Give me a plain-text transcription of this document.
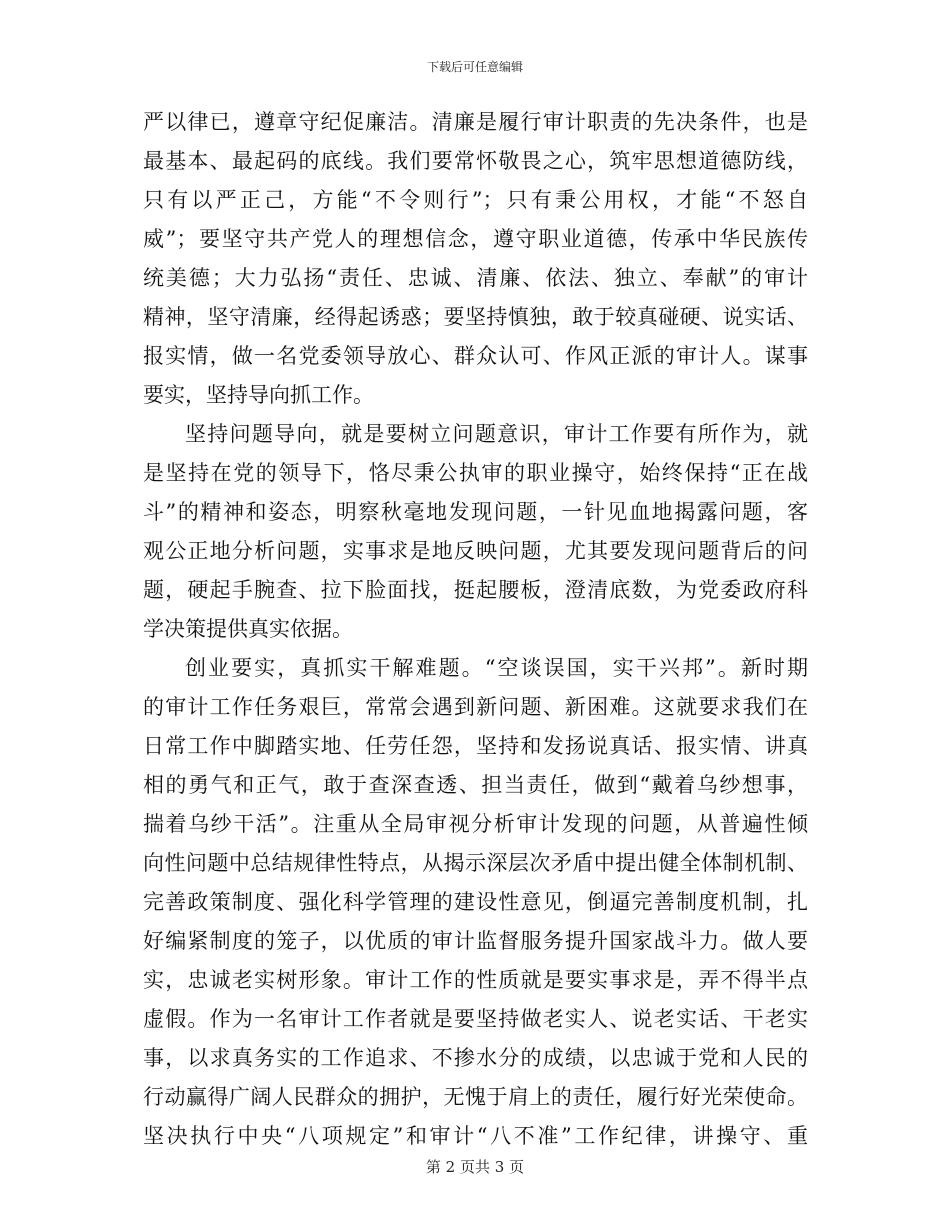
下载后可任意编辑
严以律已，遵章守纪促廉洁。清廉是履行审计职责的先决条件，也是
最基本、最起码的底线。我们要常怀敬畏之心，筑牢思想道德防线，
只有以严正己，方能“不令则行”；只有秉公用权，才能“不怒自
威”；要坚守共产党人的理想信念，遵守职业道德，传承中华民族传
统美德；大力弘扬“责任、忠诚、清廉、依法、独立、奉献”的审计
精神，坚守清廉，经得起诱惑；要坚持慎独，敢于较真碰硬、说实话、
报实情，做一名党委领导放心、群众认可、作风正派的审计人。谋事
要实，坚持导向抓工作。
坚持问题导向，就是要树立问题意识，审计工作要有所作为，就
是坚持在党的领导下，恪尽秉公执审的职业操守，始终保持“正在战
斗”的精神和姿态，明察秋毫地发现问题，一针见血地揭露问题，客
观公正地分析问题，实事求是地反映问题，尤其要发现问题背后的问
题，硬起手腕查、拉下脸面找，挺起腰板，澄清底数，为党委政府科
学决策提供真实依据。
创业要实，真抓实干解难题。“空谈误国，实干兴邦”。新时期
的审计工作任务艰巨，常常会遇到新问题、新困难。这就要求我们在
日常工作中脚踏实地、任劳任怨，坚持和发扬说真话、报实情、讲真
相的勇气和正气，敢于查深查透、担当责任，做到“戴着乌纱想事，
揣着乌纱干活”。注重从全局审视分析审计发现的问题，从普遍性倾
向性问题中总结规律性特点，从揭示深层次矛盾中提出健全体制机制、
完善政策制度、强化科学管理的建设性意见，倒逼完善制度机制，扎
好编紧制度的笼子，以优质的审计监督服务提升国家战斗力。做人要
实，忠诚老实树形象。审计工作的性质就是要实事求是，弄不得半点
虚假。作为一名审计工作者就是要坚持做老实人、说老实话、干老实
事，以求真务实的工作追求、不掺水分的成绩，以忠诚于党和人民的
行动赢得广阔人民群众的拥护，无愧于肩上的责任，履行好光荣使命。
坚决执行中央“八项规定”和审计“八不准”工作纪律，讲操守、重
第 2 页共 3 页
